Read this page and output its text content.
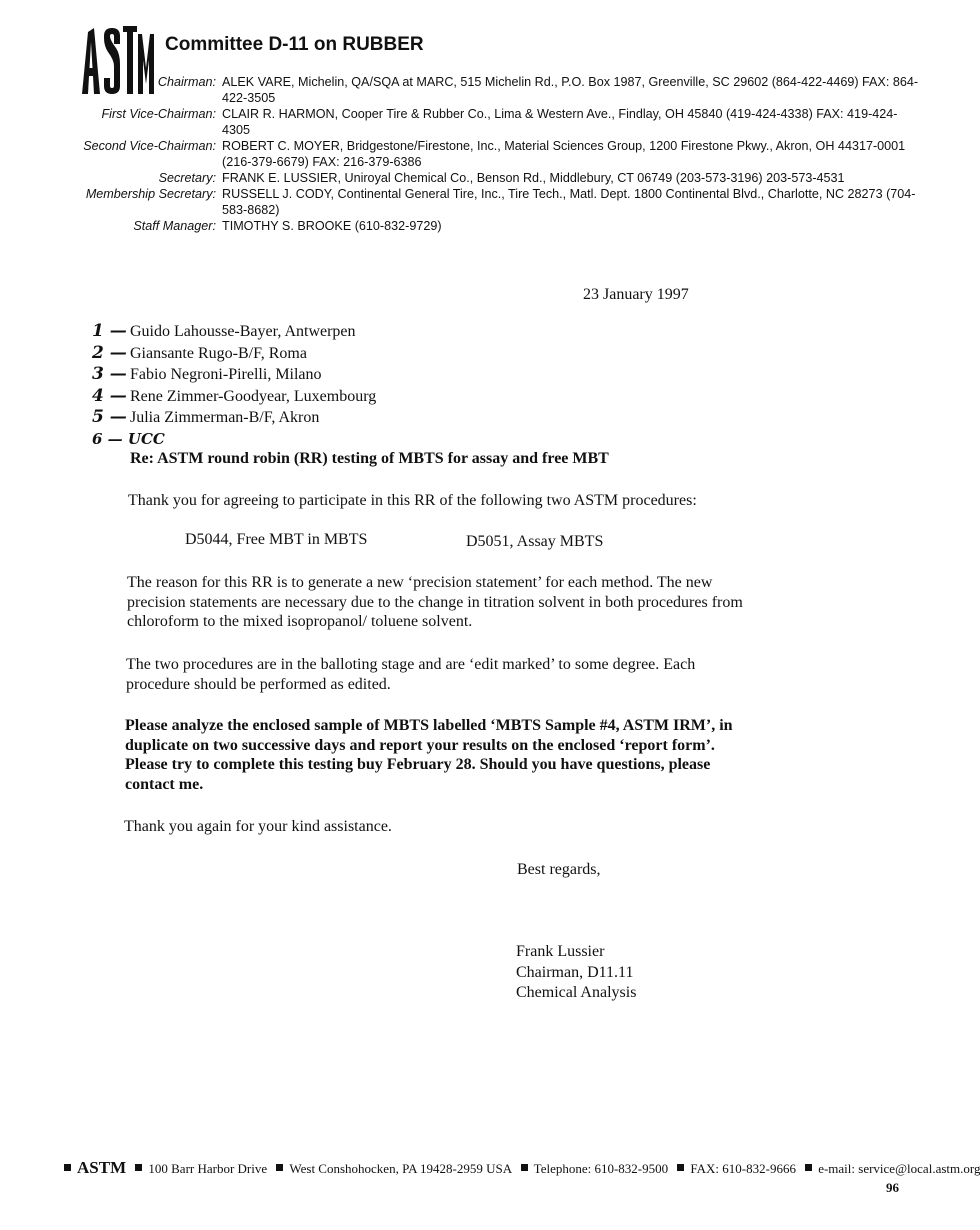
Committee D-11 on RUBBER
Chairman: ALEK VARE, Michelin, QA/SQA at MARC, 515 Michelin Rd., P.O. Box 1987, Greenville, SC 29602 (864-422-4469) FAX: 864-422-3505
First Vice-Chairman: CLAIR R. HARMON, Cooper Tire & Rubber Co., Lima & Western Ave., Findlay, OH 45840 (419-424-4338) FAX: 419-424-4305
Second Vice-Chairman: ROBERT C. MOYER, Bridgestone/Firestone, Inc., Material Sciences Group, 1200 Firestone Pkwy., Akron, OH 44317-0001 (216-379-6679) FAX: 216-379-6386
Secretary: FRANK E. LUSSIER, Uniroyal Chemical Co., Benson Rd., Middlebury, CT 06749 (203-573-3196) 203-573-4531
Membership Secretary: RUSSELL J. CODY, Continental General Tire, Inc., Tire Tech., Matl. Dept. 1800 Continental Blvd., Charlotte, NC 28273 (704-583-8682)
Staff Manager: TIMOTHY S. BROOKE (610-832-9729)
23 January 1997
1 — Guido Lahousse-Bayer, Antwerpen
2 — Giansante Rugo-B/F, Roma
3 — Fabio Negroni-Pirelli, Milano
4 — Rene Zimmer-Goodyear, Luxembourg
5 — Julia Zimmerman-B/F, Akron
6 — UCC
Re: ASTM round robin (RR) testing of MBTS for assay and free MBT
Thank you for agreeing to participate in this RR of the following two ASTM procedures:
D5044, Free MBT in MBTS	D5051, Assay MBTS
The reason for this RR is to generate a new ‘precision statement’ for each method. The new
precision statements are necessary due to the change in titration solvent in both procedures from
chloroform to the mixed isopropanol/ toluene solvent.
The two procedures are in the balloting stage and are ‘edit marked’ to some degree. Each
procedure should be performed as edited.
Please analyze the enclosed sample of MBTS labelled ‘MBTS Sample #4, ASTM IRM’, in
duplicate on two successive days and report your results on the enclosed ‘report form’.
Please try to complete this testing buy February 28. Should you have questions, please
contact me.
Thank you again for your kind assistance.
Best regards,
Frank Lussier
Chairman, D11.11
Chemical Analysis
ASTM 100 Barr Harbor Drive West Conshohocken, PA 19428-2959 USA Telephone: 610-832-9500 FAX: 610-832-9666 e-mail: service@local.astm.org
96
